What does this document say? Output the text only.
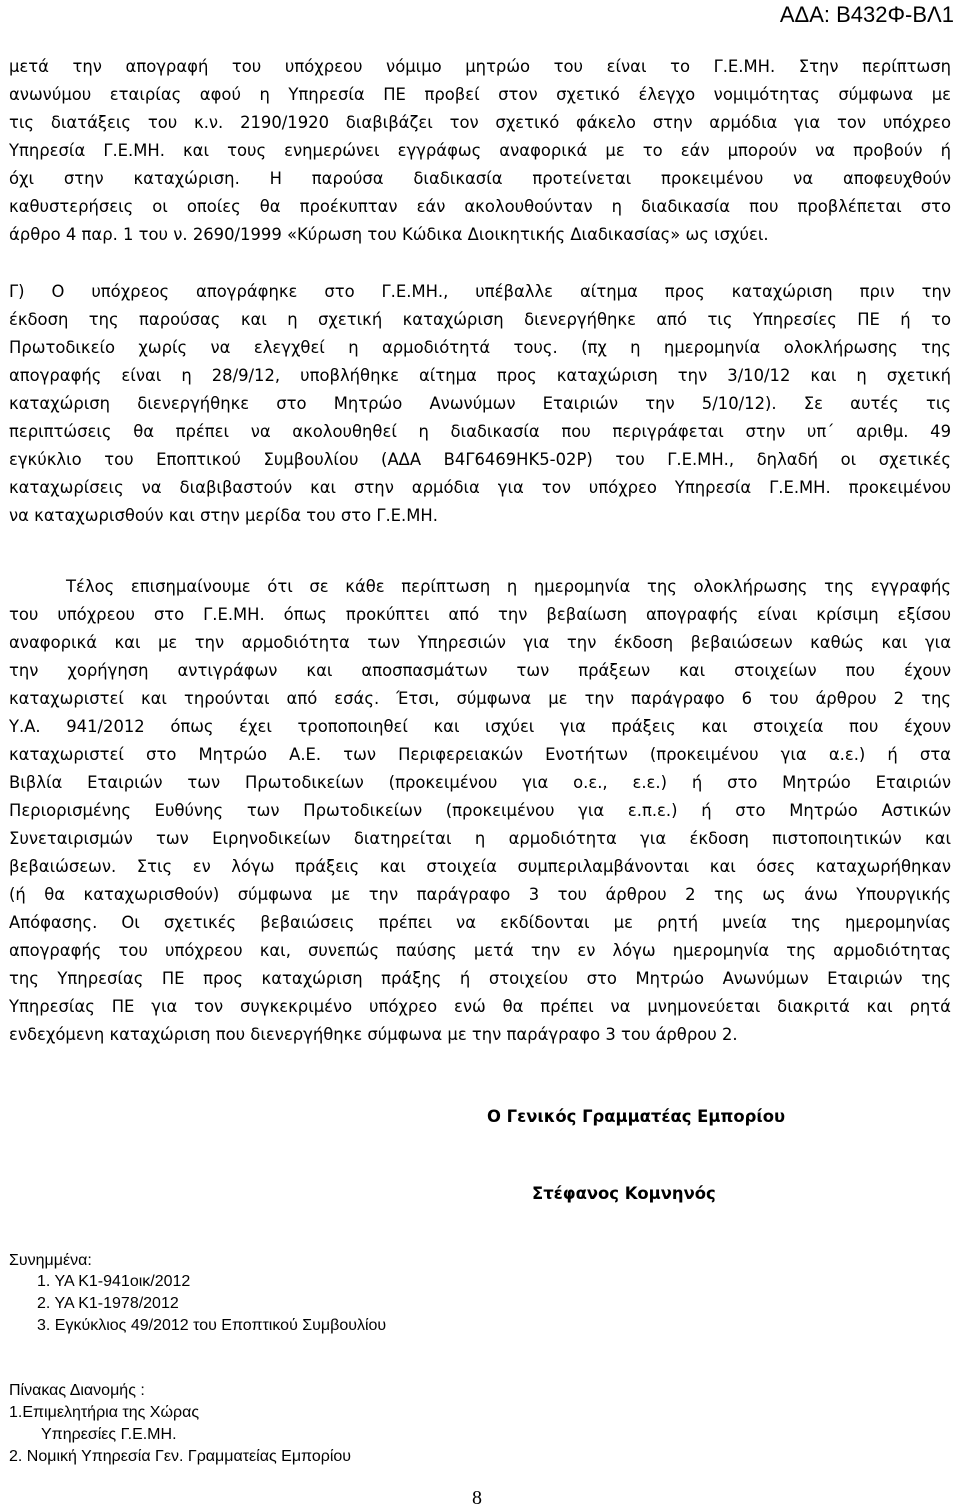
ΑΔΑ: Β432Φ-ΒΛ1
μετά την απογραφή του υπόχρεου νόμιμο μητρώο του είναι το Γ.Ε.ΜΗ. Στην περίπτωση
ανωνύμου εταιρίας αφού η Υπηρεσία ΠΕ προβεί στον σχετικό έλεγχο νομιμότητας σύμφωνα με
τις διατάξεις του κ.ν. 2190/1920 διαβιβάζει τον σχετικό φάκελο στην αρμόδια για τον υπόχρεο
Υπηρεσία Γ.Ε.ΜΗ. και τους ενημερώνει εγγράφως αναφορικά με το εάν μπορούν να προβούν ή
όχι στην καταχώριση. Η παρούσα διαδικασία προτείνεται προκειμένου να αποφευχθούν
καθυστερήσεις οι οποίες θα προέκυπταν εάν ακολουθούνταν η διαδικασία που προβλέπεται στο
άρθρο 4 παρ. 1 του ν. 2690/1999 «Κύρωση του Κώδικα Διοικητικής Διαδικασίας» ως ισχύει.
Γ) Ο υπόχρεος απογράφηκε στο Γ.Ε.ΜΗ., υπέβαλλε αίτημα προς καταχώριση πριν την
έκδοση της παρούσας και η σχετική καταχώριση διενεργήθηκε από τις Υπηρεσίες ΠΕ ή το
Πρωτοδικείο χωρίς να ελεγχθεί η αρμοδιότητά τους. (πχ η ημερομηνία ολοκλήρωσης της
απογραφής είναι η 28/9/12, υποβλήθηκε αίτημα προς καταχώριση την 3/10/12 και η σχετική
καταχώριση διενεργήθηκε στο Μητρώο Ανωνύμων Εταιριών την 5/10/12). Σε αυτές τις
περιπτώσεις θα πρέπει να ακολουθηθεί η διαδικασία που περιγράφεται στην υπ΄ αριθμ. 49
εγκύκλιο του Εποπτικού Συμβουλίου (ΑΔΑ Β4Γ6469ΗΚ5-02Ρ) του Γ.Ε.ΜΗ., δηλαδή οι σχετικές
καταχωρίσεις να διαβιβαστούν και στην αρμόδια για τον υπόχρεο Υπηρεσία Γ.Ε.ΜΗ. προκειμένου
να καταχωρισθούν και στην μερίδα του στο Γ.Ε.ΜΗ.
Τέλος επισημαίνουμε ότι σε κάθε περίπτωση η ημερομηνία της ολοκλήρωσης της εγγραφής
του υπόχρεου στο Γ.Ε.ΜΗ. όπως προκύπτει από την βεβαίωση απογραφής είναι κρίσιμη εξίσου
αναφορικά και με την αρμοδιότητα των Υπηρεσιών για την έκδοση βεβαιώσεων καθώς και για
την χορήγηση αντιγράφων και αποσπασμάτων των πράξεων και στοιχείων που έχουν
καταχωριστεί και τηρούνται από εσάς. Έτσι, σύμφωνα με την παράγραφο 6 του άρθρου 2 της
Υ.Α. 941/2012 όπως έχει τροποποιηθεί και ισχύει για πράξεις και στοιχεία που έχουν
καταχωριστεί στο Μητρώο Α.Ε. των Περιφερειακών Ενοτήτων (προκειμένου για α.ε.) ή στα
Βιβλία Εταιριών των Πρωτοδικείων (προκειμένου για ο.ε., ε.ε.) ή στο Μητρώο Εταιριών
Περιορισμένης Ευθύνης των Πρωτοδικείων (προκειμένου για ε.π.ε.) ή στο Μητρώο Αστικών
Συνεταιρισμών των Ειρηνοδικείων διατηρείται η αρμοδιότητα για έκδοση πιστοποιητικών και
βεβαιώσεων. Στις εν λόγω πράξεις και στοιχεία συμπεριλαμβάνονται και όσες καταχωρήθηκαν
(ή θα καταχωρισθούν) σύμφωνα με την παράγραφο 3 του άρθρου 2 της ως άνω Υπουργικής
Απόφασης. Οι σχετικές βεβαιώσεις πρέπει να εκδίδονται με ρητή μνεία της ημερομηνίας
απογραφής του υπόχρεου και, συνεπώς παύσης μετά την εν λόγω ημερομηνία της αρμοδιότητας
της Υπηρεσίας ΠΕ προς καταχώριση πράξης ή στοιχείου στο Μητρώο Ανωνύμων Εταιριών της
Υπηρεσίας ΠΕ για τον συγκεκριμένο υπόχρεο ενώ θα πρέπει να μνημονεύεται διακριτά και ρητά
ενδεχόμενη καταχώριση που διενεργήθηκε σύμφωνα με την παράγραφο 3 του άρθρου 2.
Ο Γενικός Γραμματέας Εμπορίου
Στέφανος Κομνηνός
Συνημμένα:
1. ΥΑ Κ1-941οικ/2012
2. ΥΑ Κ1-1978/2012
3. Εγκύκλιος 49/2012 του Εποπτικού Συμβουλίου
Πίνακας Διανομής :
1.Επιμελητήρια της Χώρας
Υπηρεσίες Γ.Ε.ΜΗ.
2. Νομική Υπηρεσία Γεν. Γραμματείας Εμπορίου
8
